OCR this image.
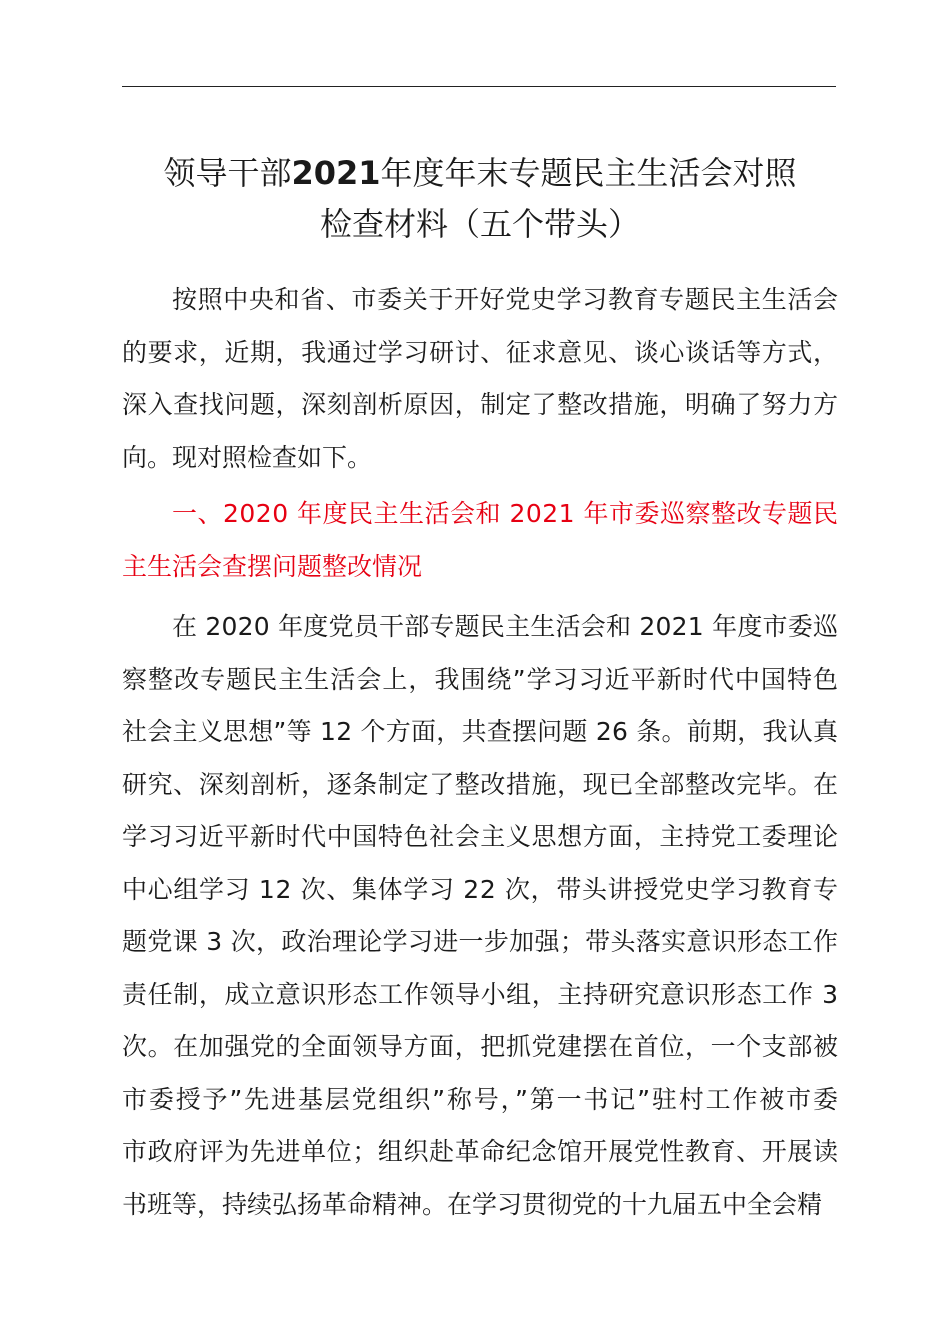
领导干部2021年度年末专题民主生活会对照
检查材料（五个带头）

按照中央和省、市委关于开好党史学习教育专题民主生活会
的要求，近期，我通过学习研讨、征求意见、谈心谈话等方式，
深入查找问题，深刻剖析原因，制定了整改措施，明确了努力方
向。现对照检查如下。

一、2020 年度民主生活会和 2021 年市委巡察整改专题民
主生活会查摆问题整改情况

在 2020 年度党员干部专题民主生活会和 2021 年度市委巡
察整改专题民主生活会上，我围绕”学习习近平新时代中国特色
社会主义思想”等 12 个方面，共查摆问题 26 条。前期，我认真
研究、深刻剖析，逐条制定了整改措施，现已全部整改完毕。在
学习习近平新时代中国特色社会主义思想方面，主持党工委理论
中心组学习 12 次、集体学习 22 次，带头讲授党史学习教育专
题党课 3 次，政治理论学习进一步加强；带头落实意识形态工作
责任制，成立意识形态工作领导小组，主持研究意识形态工作 3
次。在加强党的全面领导方面，把抓党建摆在首位，一个支部被
市委授予”先进基层党组织”称号，”第一书记”驻村工作被市委
市政府评为先进单位；组织赴革命纪念馆开展党性教育、开展读
书班等，持续弘扬革命精神。在学习贯彻党的十九届五中全会精
